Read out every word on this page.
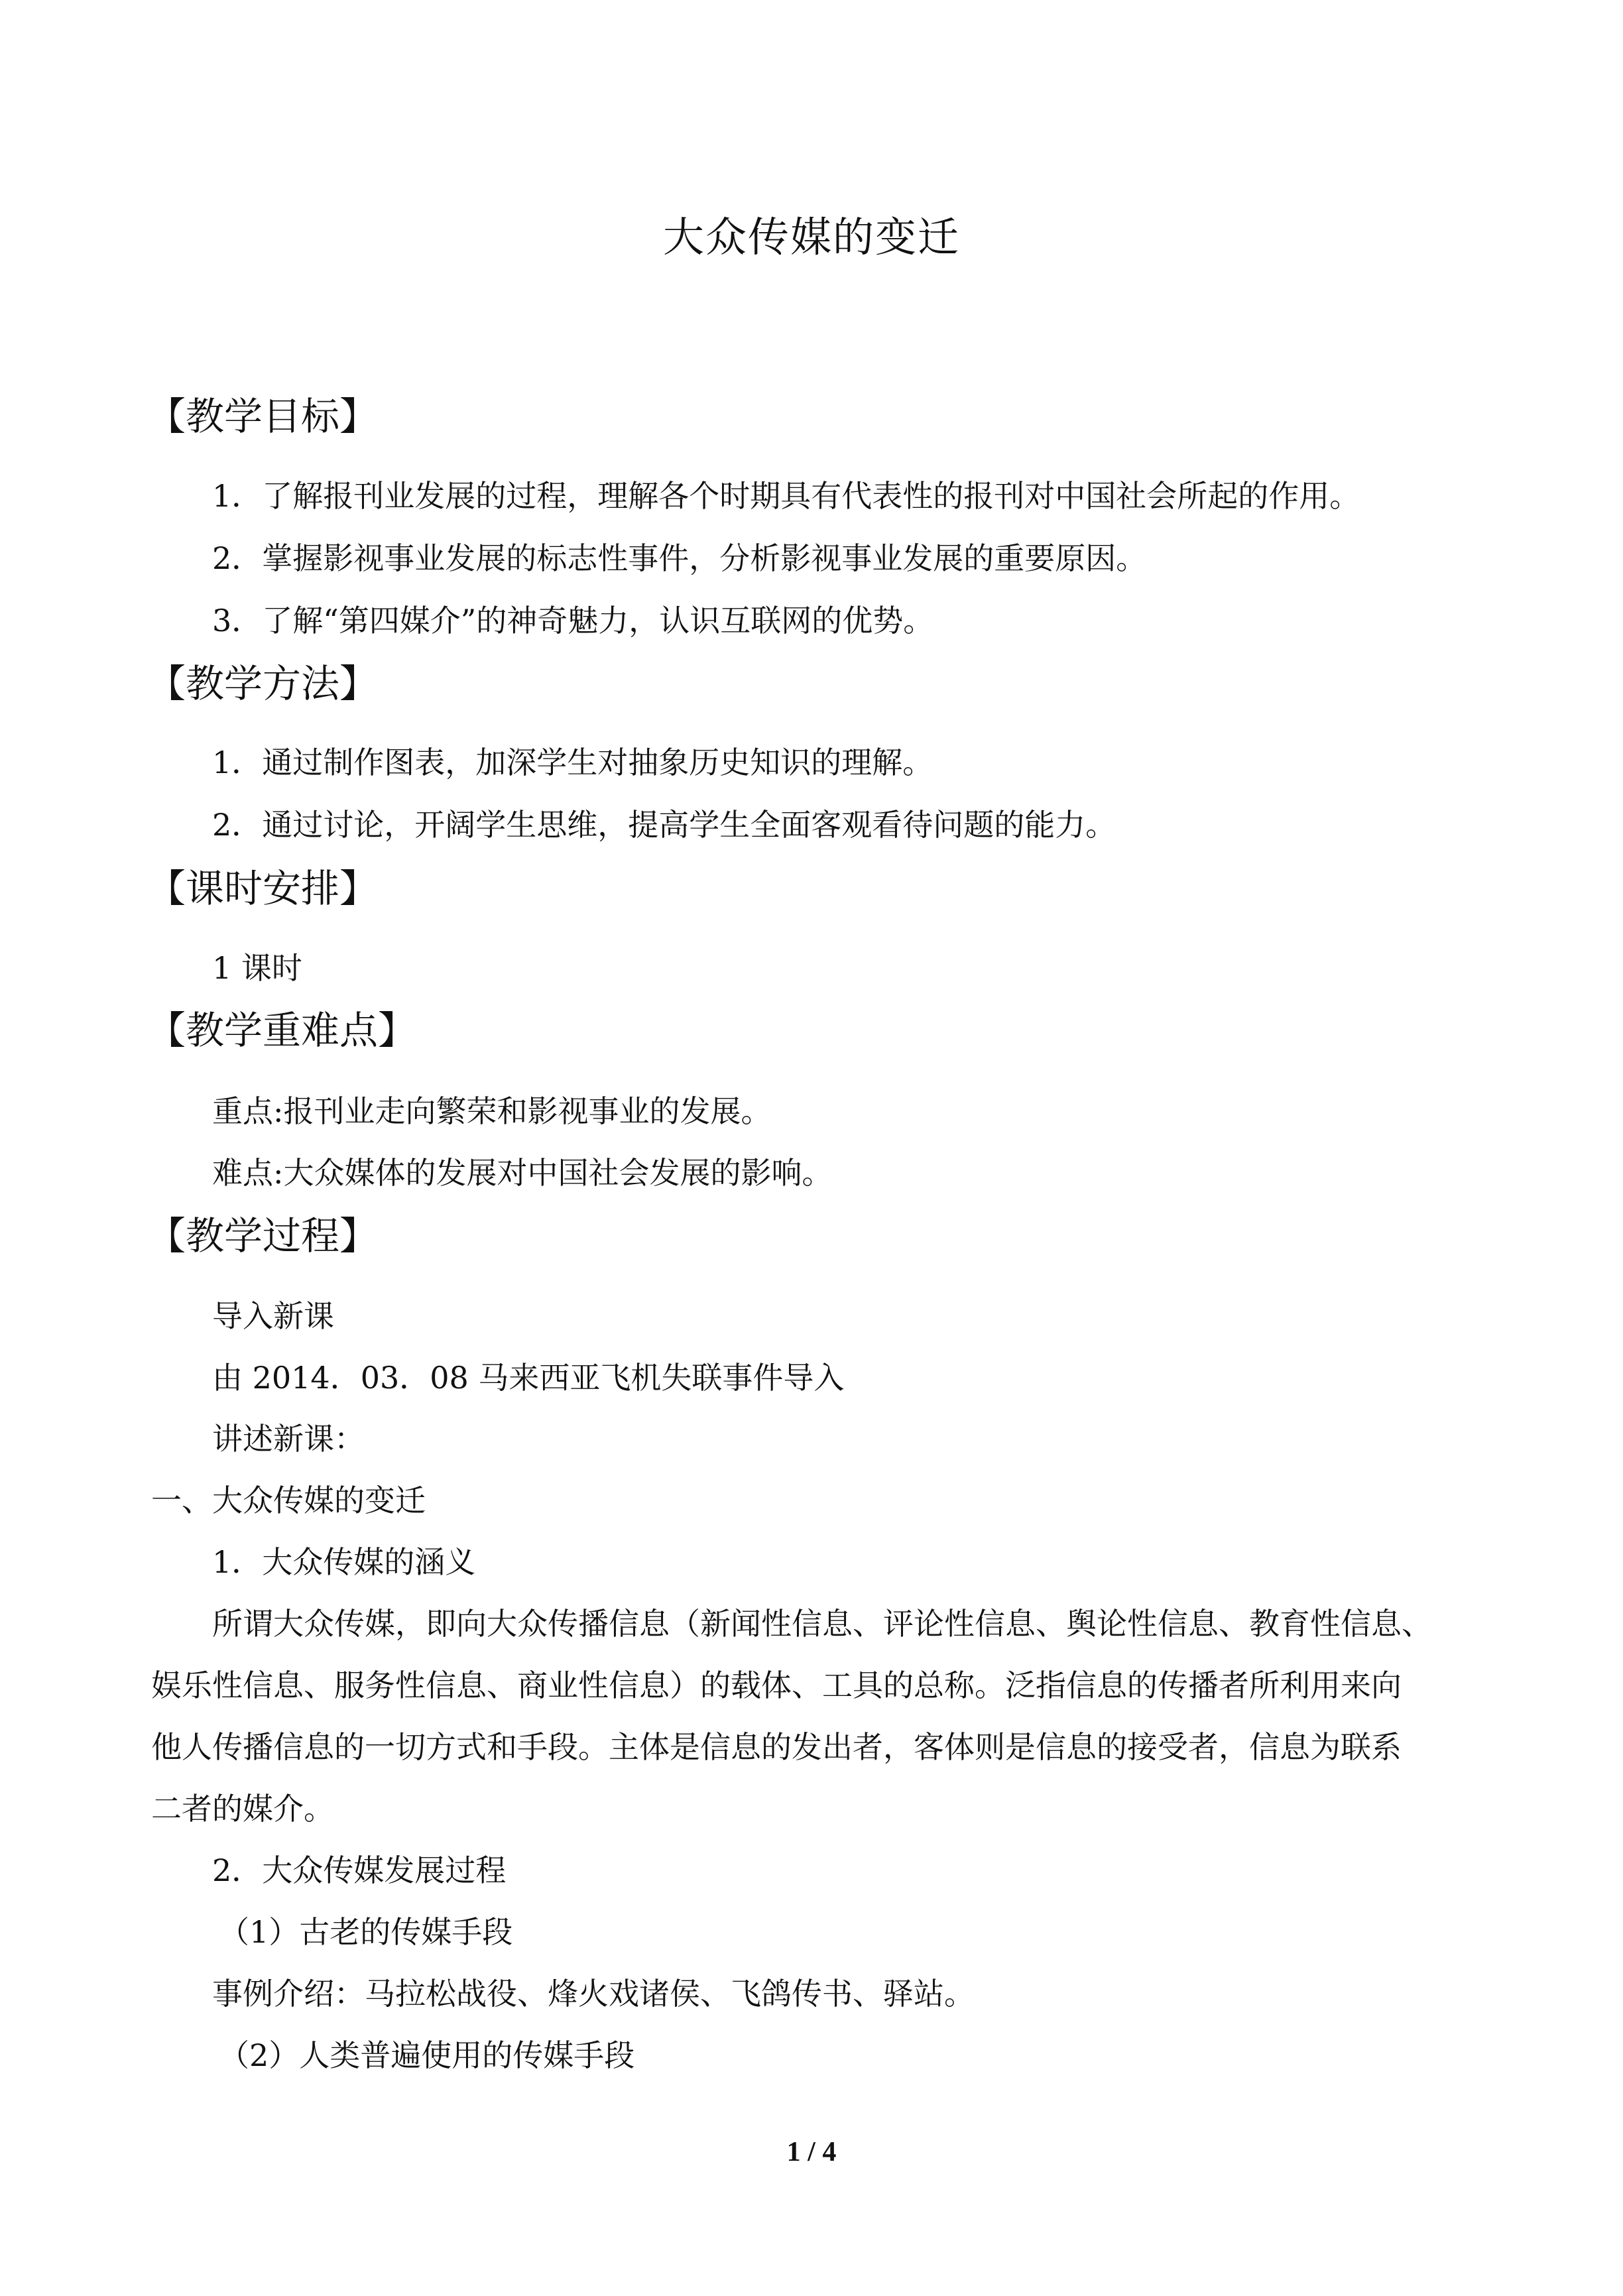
大众传媒的变迁
【教学目标】
1．了解报刊业发展的过程，理解各个时期具有代表性的报刊对中国社会所起的作用。
2．掌握影视事业发展的标志性事件，分析影视事业发展的重要原因。
3．了解“第四媒介”的神奇魅力，认识互联网的优势。
【教学方法】
1．通过制作图表，加深学生对抽象历史知识的理解。
2．通过讨论，开阔学生思维，提高学生全面客观看待问题的能力。
【课时安排】
1 课时
【教学重难点】
重点:报刊业走向繁荣和影视事业的发展。
难点:大众媒体的发展对中国社会发展的影响。
【教学过程】
导入新课
由 2014．03．08 马来西亚飞机失联事件导入
讲述新课：
一、大众传媒的变迁
1．大众传媒的涵义
所谓大众传媒，即向大众传播信息（新闻性信息、评论性信息、舆论性信息、教育性信息、
娱乐性信息、服务性信息、商业性信息）的载体、工具的总称。泛指信息的传播者所利用来向
他人传播信息的一切方式和手段。主体是信息的发出者，客体则是信息的接受者，信息为联系
二者的媒介。
2．大众传媒发展过程
（1）古老的传媒手段
事例介绍：马拉松战役、烽火戏诸侯、飞鸽传书、驿站。
（2）人类普遍使用的传媒手段
1 / 4
